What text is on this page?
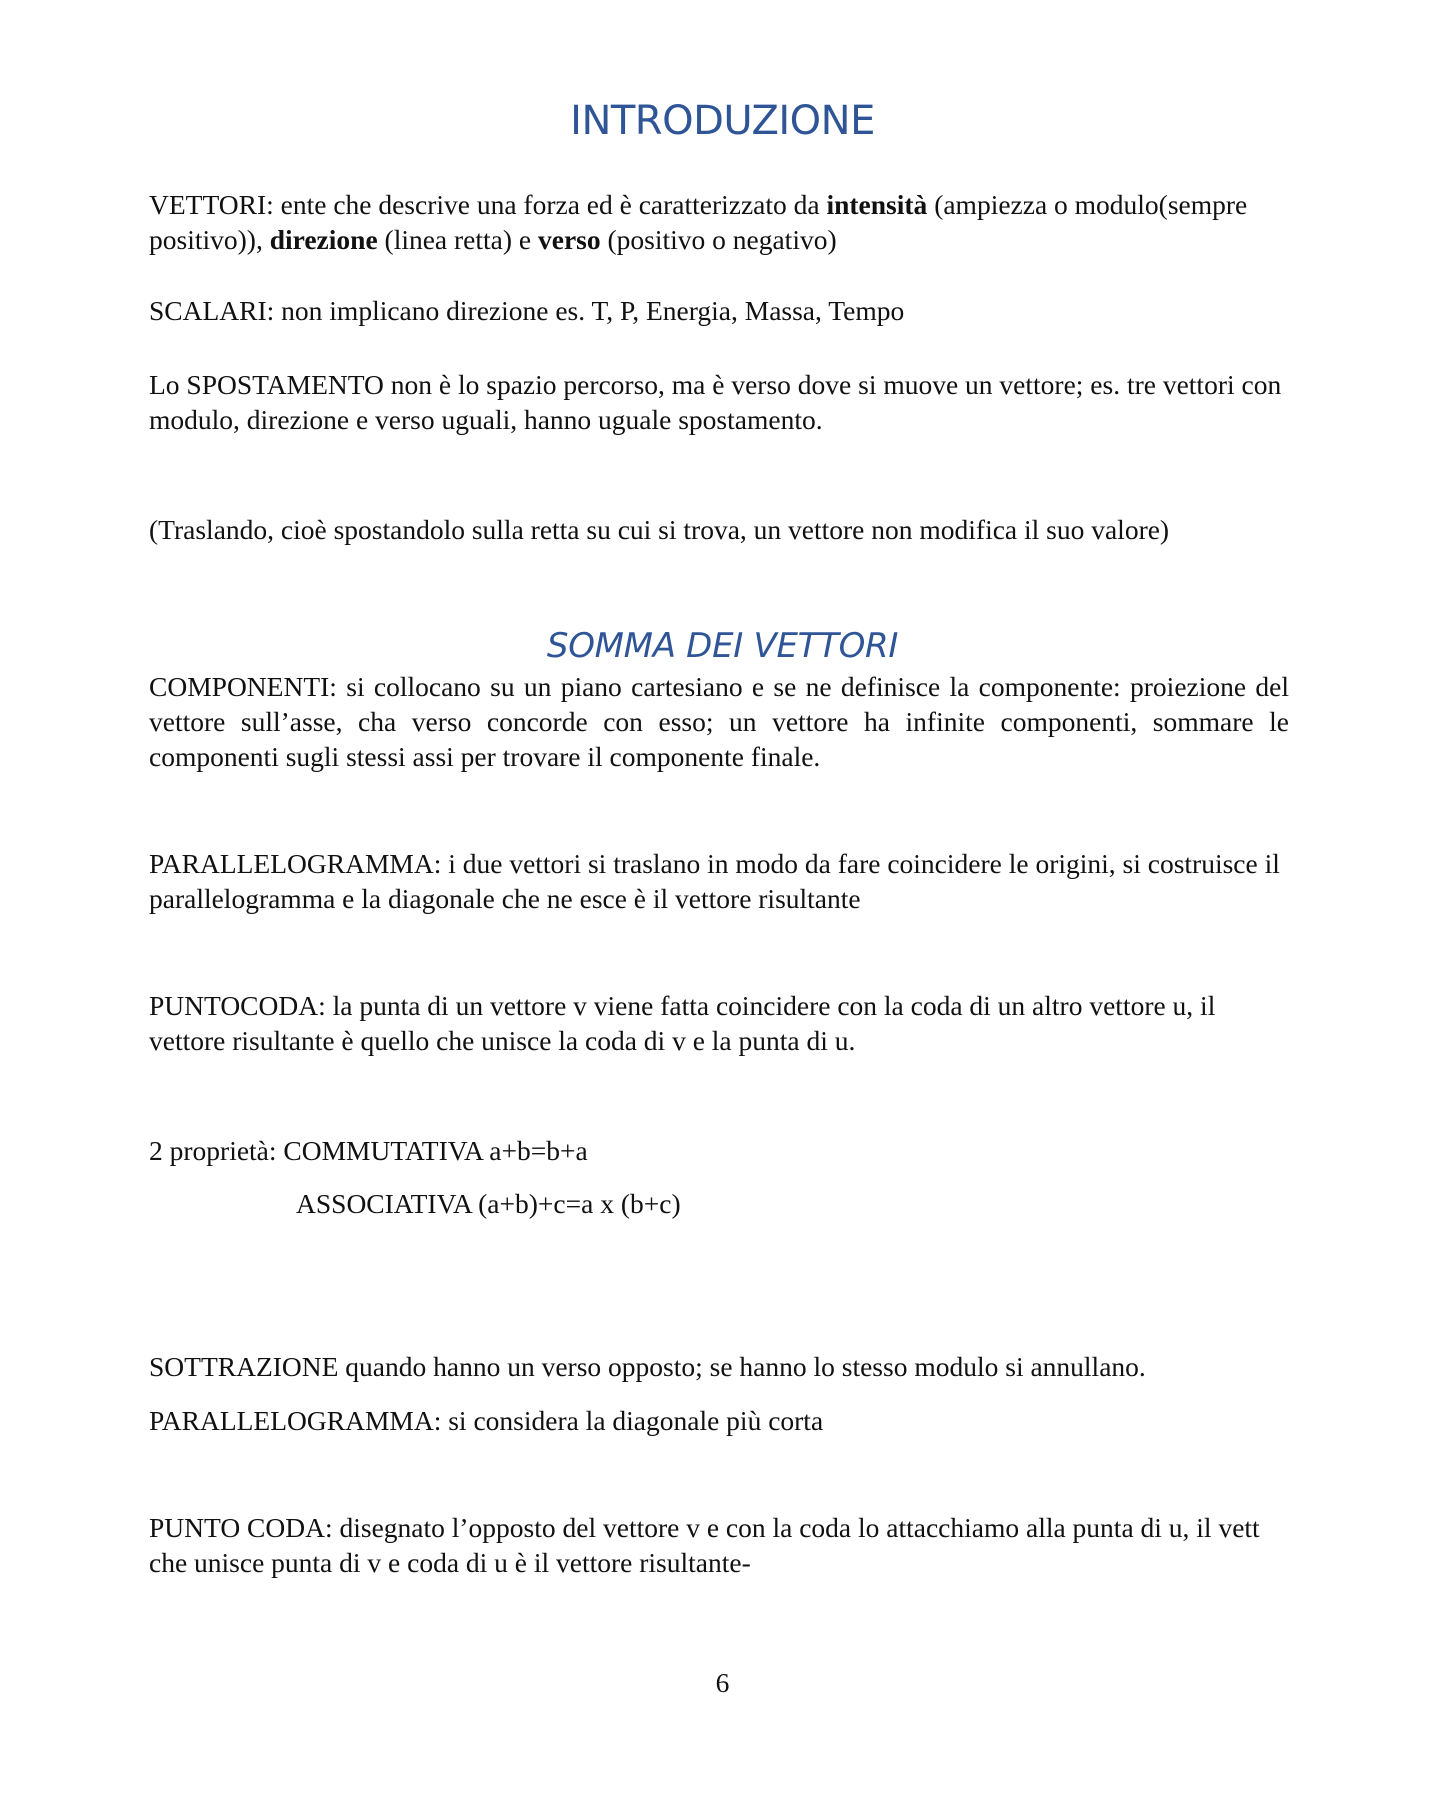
INTRODUZIONE

VETTORI: ente che descrive una forza ed è caratterizzato da intensità (ampiezza o modulo(sempre positivo)), direzione (linea retta) e verso (positivo o negativo)

SCALARI: non implicano direzione es. T, P, Energia, Massa, Tempo

Lo SPOSTAMENTO non è lo spazio percorso, ma è verso dove si muove un vettore; es. tre vettori con modulo, direzione e verso uguali, hanno uguale spostamento.

(Traslando, cioè spostandolo sulla retta su cui si trova, un vettore non modifica il suo valore)

SOMMA DEI VETTORI

COMPONENTI: si collocano su un piano cartesiano e se ne definisce la componente: proiezione del vettore sull’asse, cha verso concorde con esso; un vettore ha infinite componenti, sommare le componenti sugli stessi assi per trovare il componente finale.

PARALLELOGRAMMA: i due vettori si traslano in modo da fare coincidere le origini, si costruisce il parallelogramma e la diagonale che ne esce è il vettore risultante

PUNTOCODA: la punta di un vettore v viene fatta coincidere con la coda di un altro vettore u, il vettore risultante è quello che unisce la coda di v e la punta di u.

2 proprietà: COMMUTATIVA a+b=b+a

ASSOCIATIVA (a+b)+c=a x (b+c)

SOTTRAZIONE quando hanno un verso opposto; se hanno lo stesso modulo si annullano.

PARALLELOGRAMMA: si considera la diagonale più corta

PUNTO CODA: disegnato l’opposto del vettore v e con la coda lo attacchiamo alla punta di u, il vett che unisce punta di v e coda di u è il vettore risultante-

6
